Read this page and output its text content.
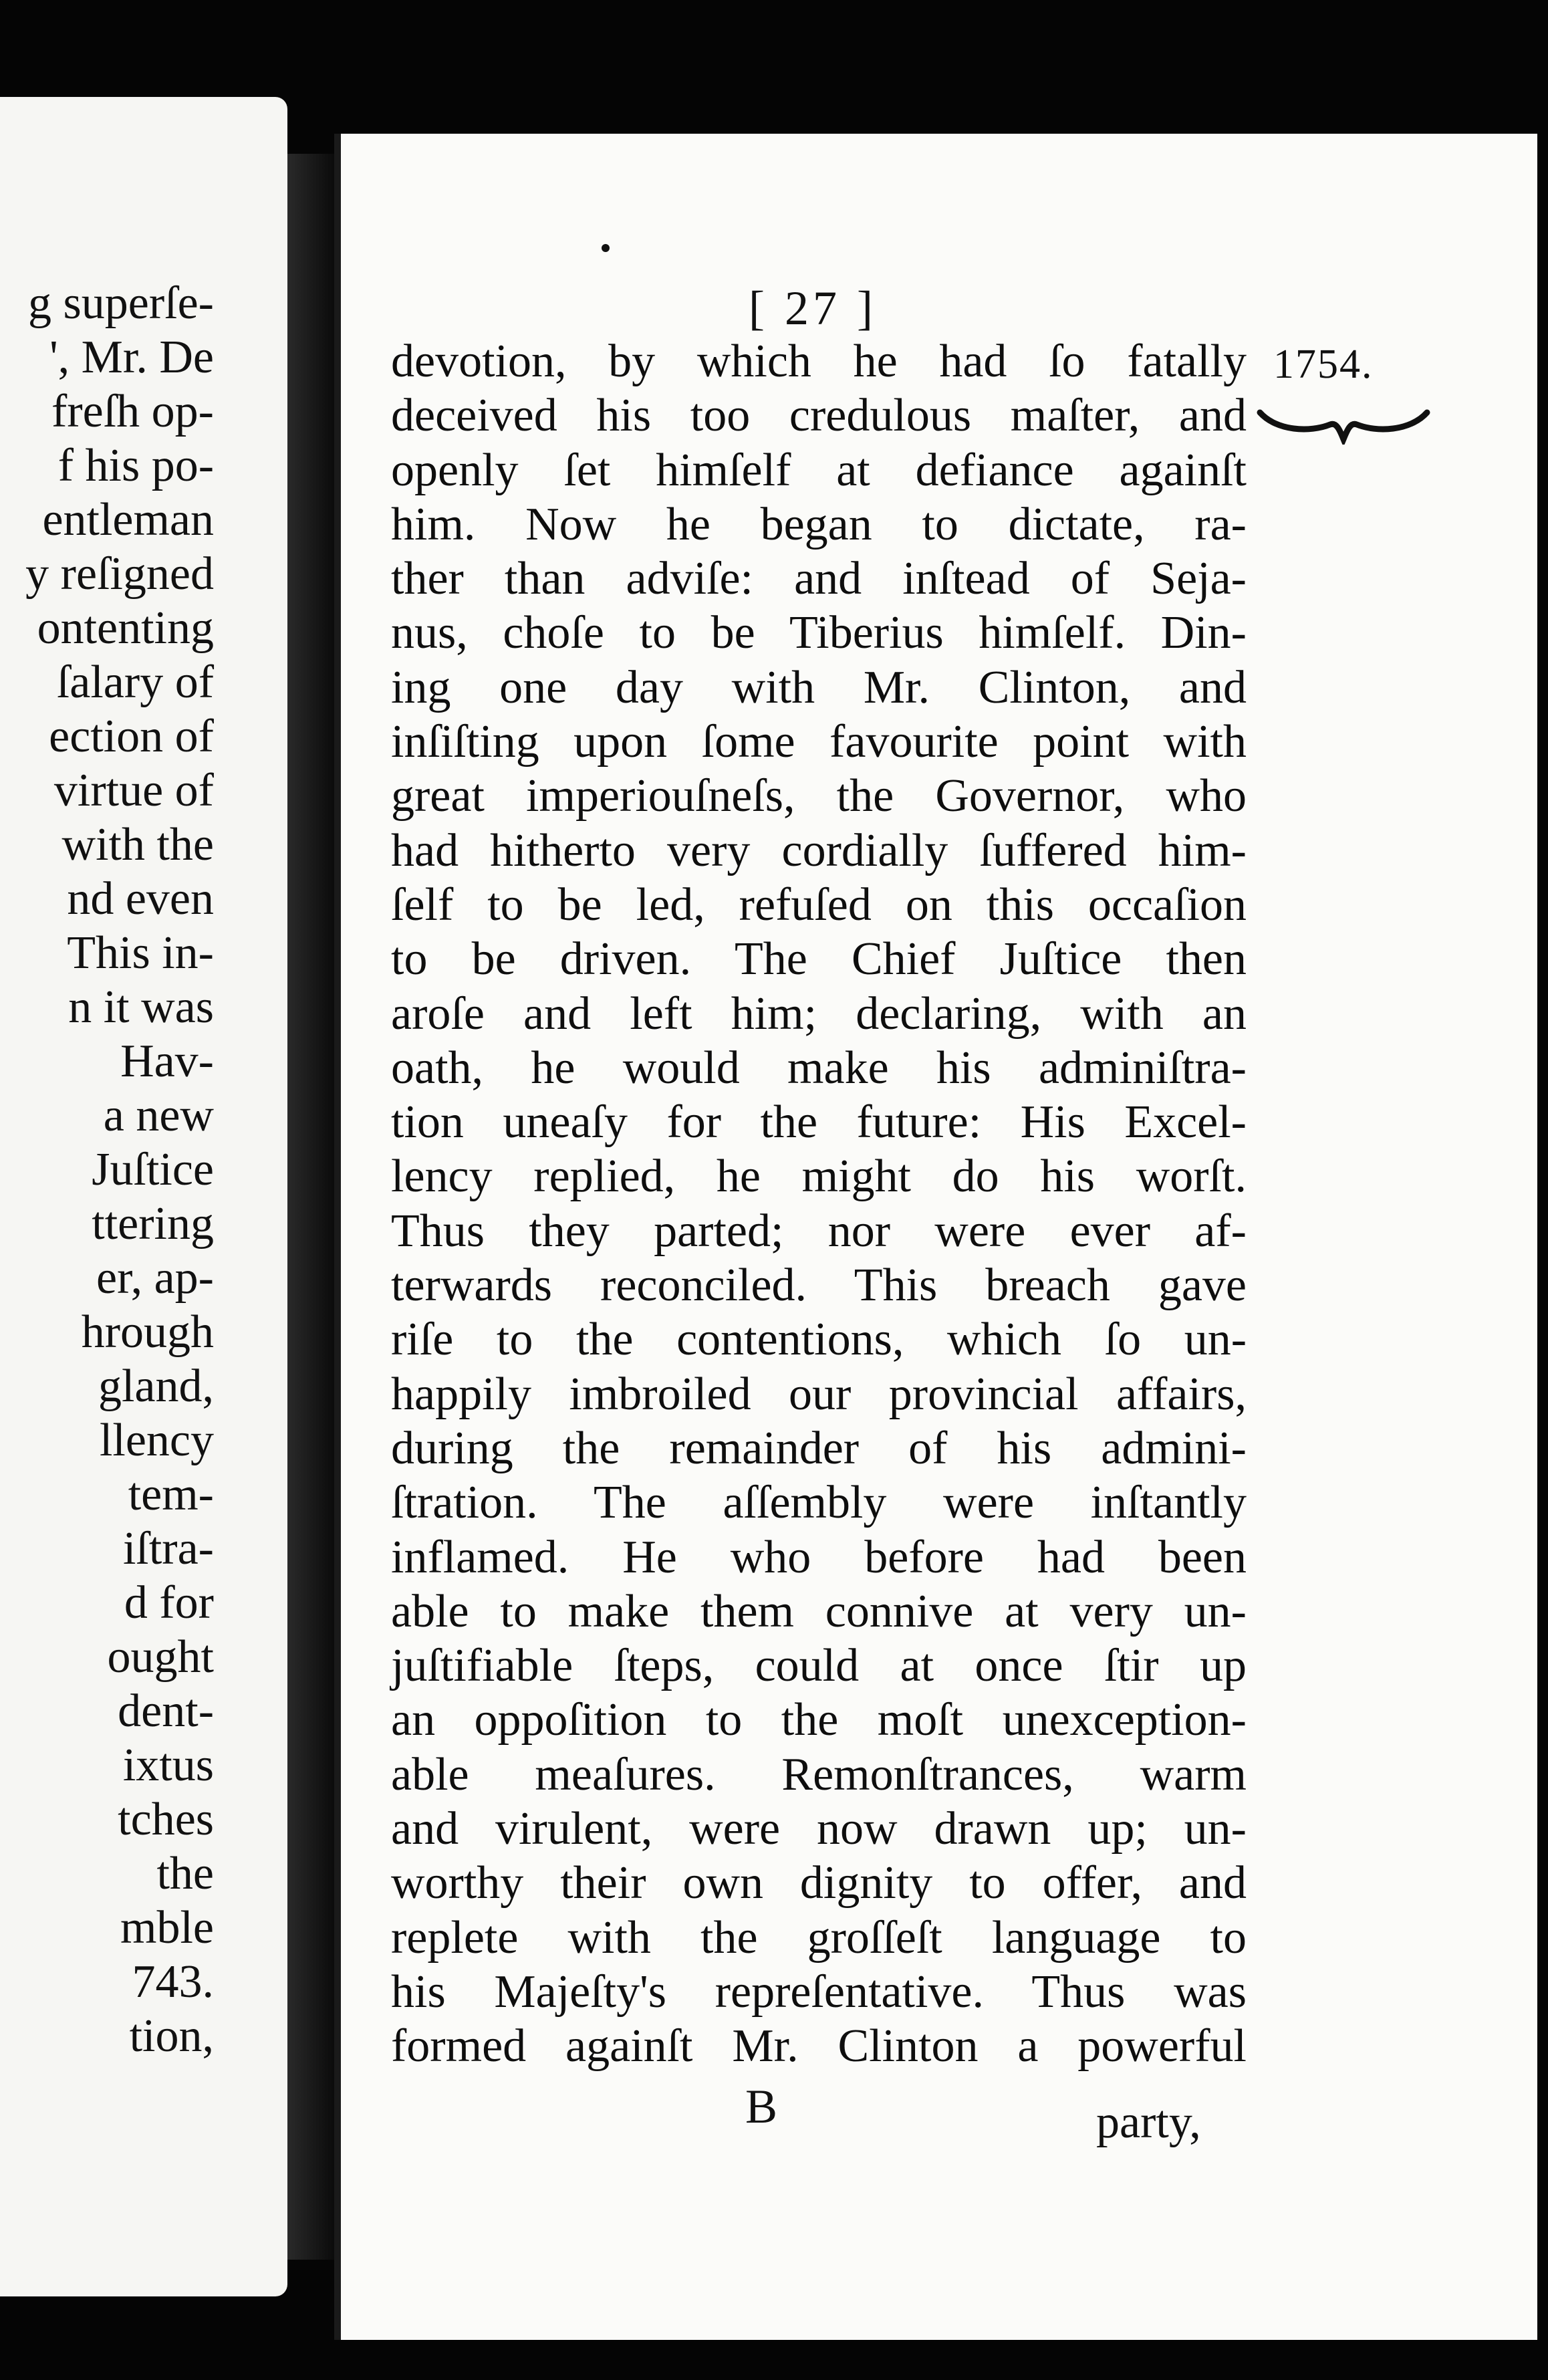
g superſe-
', Mr. De
freſh op-
f his po-
entleman
y reſigned
ontenting
ſalary of
ection of
virtue of
with the
nd even
This in-
n it was
Hav-
a new
Juſtice
ttering
er, ap-
hrough
gland,
llency
tem-
iſtra-
d for
ought
dent-
ixtus
tches
the
mble
743.
tion,
[ 27 ]
1754.
devotion, by which he had ſo fatally
deceived his too credulous maſter, and
openly ſet himſelf at defiance againſt
him. Now he began to dictate, ra-
ther than adviſe: and inſtead of Seja-
nus, choſe to be Tiberius himſelf. Din-
ing one day with Mr. Clinton, and
inſiſting upon ſome favourite point with
great imperiouſneſs, the Governor, who
had hitherto very cordially ſuffered him-
ſelf to be led, refuſed on this occaſion
to be driven. The Chief Juſtice then
aroſe and left him; declaring, with an
oath, he would make his adminiſtra-
tion uneaſy for the future: His Excel-
lency replied, he might do his worſt.
Thus they parted; nor were ever af-
terwards reconciled. This breach gave
riſe to the contentions, which ſo un-
happily imbroiled our provincial affairs,
during the remainder of his admini-
ſtration. The aſſembly were inſtantly
inflamed. He who before had been
able to make them connive at very un-
juſtifiable ſteps, could at once ſtir up
an oppoſition to the moſt unexception-
able meaſures. Remonſtrances, warm
and virulent, were now drawn up; un-
worthy their own dignity to offer, and
replete with the groſſeſt language to
his Majeſty's repreſentative. Thus was
formed againſt Mr. Clinton a powerful
B	party,
